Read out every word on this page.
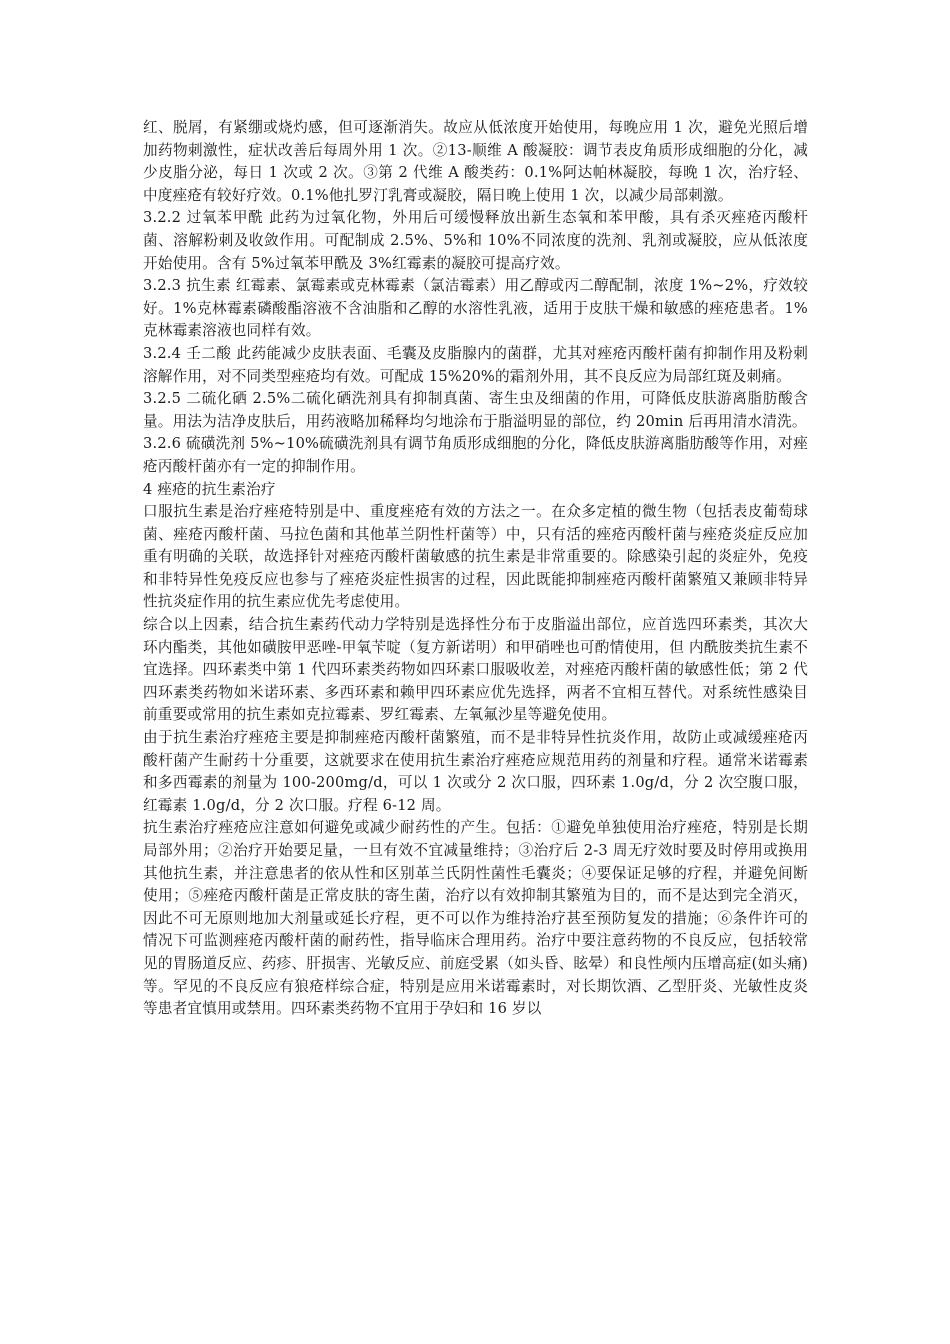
红、脱屑，有紧绷或烧灼感，但可逐渐消失。故应从低浓度开始使用，每晚应用 1 次，避免光照后增加药物刺激性，症状改善后每周外用 1 次。②13-顺维 A 酸凝胶：调节表皮角质形成细胞的分化，减少皮脂分泌，每日 1 次或 2 次。③第 2 代维 A 酸类药：0.1%阿达帕林凝胶，每晚 1 次，治疗轻、中度痤疮有较好疗效。0.1%他扎罗汀乳膏或凝胶，隔日晚上使用 1 次，以减少局部刺激。

3.2.2 过氧苯甲酰 此药为过氧化物，外用后可缓慢释放出新生态氧和苯甲酸，具有杀灭痤疮丙酸杆菌、溶解粉刺及收敛作用。可配制成 2.5%、5%和 10%不同浓度的洗剂、乳剂或凝胶，应从低浓度开始使用。含有 5%过氧苯甲酰及 3%红霉素的凝胶可提高疗效。

3.2.3 抗生素 红霉素、氯霉素或克林霉素（氯洁霉素）用乙醇或丙二醇配制，浓度 1%~2%，疗效较好。1%克林霉素磷酸酯溶液不含油脂和乙醇的水溶性乳液，适用于皮肤干燥和敏感的痤疮患者。1%克林霉素溶液也同样有效。

3.2.4 壬二酸 此药能减少皮肤表面、毛囊及皮脂腺内的菌群，尤其对痤疮丙酸杆菌有抑制作用及粉刺溶解作用，对不同类型痤疮均有效。可配成 15%20%的霜剂外用，其不良反应为局部红斑及刺痛。

3.2.5 二硫化硒 2.5%二硫化硒洗剂具有抑制真菌、寄生虫及细菌的作用，可降低皮肤游离脂肪酸含量。用法为洁净皮肤后，用药液略加稀释均匀地涂布于脂溢明显的部位，约 20min 后再用清水清洗。

3.2.6 硫磺洗剂 5%~10%硫磺洗剂具有调节角质形成细胞的分化，降低皮肤游离脂肪酸等作用，对痤疮丙酸杆菌亦有一定的抑制作用。

4 痤疮的抗生素治疗

口服抗生素是治疗痤疮特别是中、重度痤疮有效的方法之一。在众多定植的微生物（包括表皮葡萄球菌、痤疮丙酸杆菌、马拉色菌和其他革兰阴性杆菌等）中，只有活的痤疮丙酸杆菌与痤疮炎症反应加重有明确的关联，故选择针对痤疮丙酸杆菌敏感的抗生素是非常重要的。除感染引起的炎症外，免疫和非特异性免疫反应也参与了痤疮炎症性损害的过程，因此既能抑制痤疮丙酸杆菌繁殖又兼顾非特异性抗炎症作用的抗生素应优先考虑使用。

综合以上因素，结合抗生素药代动力学特别是选择性分布于皮脂溢出部位，应首选四环素类，其次大环内酯类，其他如磺胺甲恶唑-甲氧苄啶（复方新诺明）和甲硝唑也可酌情使用，但 内酰胺类抗生素不宜选择。四环素类中第 1 代四环素类药物如四环素口服吸收差，对痤疮丙酸杆菌的敏感性低；第 2 代四环素类药物如米诺环素、多西环素和赖甲四环素应优先选择，两者不宜相互替代。对系统性感染目前重要或常用的抗生素如克拉霉素、罗红霉素、左氧氟沙星等避免使用。

由于抗生素治疗痤疮主要是抑制痤疮丙酸杆菌繁殖，而不是非特异性抗炎作用，故防止或减缓痤疮丙酸杆菌产生耐药十分重要，这就要求在使用抗生素治疗痤疮应规范用药的剂量和疗程。通常米诺霉素和多西霉素的剂量为 100-200mg/d，可以 1 次或分 2 次口服，四环素 1.0g/d，分 2 次空腹口服，红霉素 1.0g/d，分 2 次口服。疗程 6-12 周。

抗生素治疗痤疮应注意如何避免或减少耐药性的产生。包括：①避免单独使用治疗痤疮，特别是长期局部外用；②治疗开始要足量，一旦有效不宜减量维持；③治疗后 2-3 周无疗效时要及时停用或换用其他抗生素，并注意患者的依从性和区别革兰氏阴性菌性毛囊炎；④要保证足够的疗程，并避免间断使用；⑤痤疮丙酸杆菌是正常皮肤的寄生菌，治疗以有效抑制其繁殖为目的，而不是达到完全消灭，因此不可无原则地加大剂量或延长疗程，更不可以作为维持治疗甚至预防复发的措施；⑥条件许可的情况下可监测痤疮丙酸杆菌的耐药性，指导临床合理用药。治疗中要注意药物的不良反应，包括较常见的胃肠道反应、药疹、肝损害、光敏反应、前庭受累（如头昏、眩晕）和良性颅内压增高症(如头痛)等。罕见的不良反应有狼疮样综合症，特别是应用米诺霉素时，对长期饮酒、乙型肝炎、光敏性皮炎等患者宜慎用或禁用。四环素类药物不宜用于孕妇和 16 岁以
